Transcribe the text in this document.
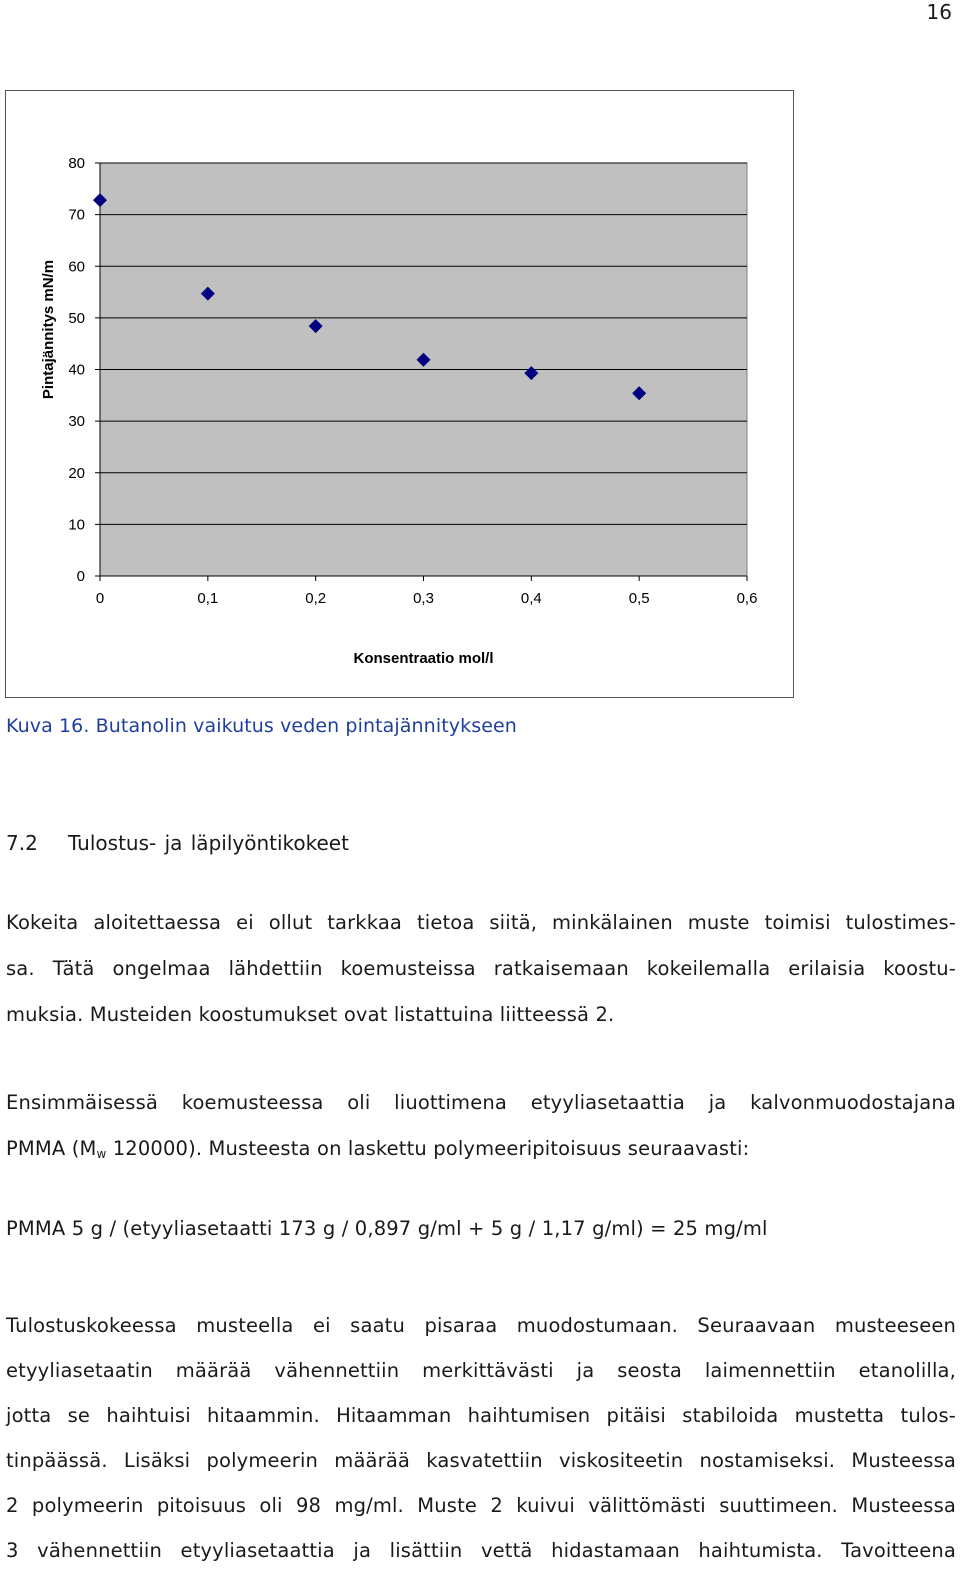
16
0
10
20
30
40
50
60
70
80
0	0,1	0,2	0,3	0,4	0,5	0,6
Konsentraatio mol/l
Pintajännitys mN/m
Kuva 16. Butanolin vaikutus veden pintajännitykseen
7.2 Tulostus- ja läpilyöntikokeet
Kokeita aloitettaessa ei ollut tarkkaa tietoa siitä, minkälainen muste toimisi tulostimes-
sa. Tätä ongelmaa lähdettiin koemusteissa ratkaisemaan kokeilemalla erilaisia koostu-
muksia. Musteiden koostumukset ovat listattuina liitteessä 2.
Ensimmäisessä koemusteessa oli liuottimena etyyliasetaattia ja kalvonmuodostajana
PMMA ($M_w$ 120000). Musteesta on laskettu polymeeripitoisuus seuraavasti:
PMMA 5 g / (etyyliasetaatti 173 g / 0,897 g/ml + 5 g / 1,17 g/ml) = 25 mg/ml
Tulostuskokeessa musteella ei saatu pisaraa muodostumaan. Seuraavaan musteeseen
etyyliasetaatin määrää vähennettiin merkittävästi ja seosta laimennettiin etanolilla,
jotta se haihtuisi hitaammin. Hitaamman haihtumisen pitäisi stabiloida mustetta tulos-
tinpäässä. Lisäksi polymeerin määrää kasvatettiin viskositeetin nostamiseksi. Musteessa
2 polymeerin pitoisuus oli 98 mg/ml. Muste 2 kuivui välittömästi suuttimeen. Musteessa
3 vähennettiin etyyliasetaattia ja lisättiin vettä hidastamaan haihtumista. Tavoitteena
